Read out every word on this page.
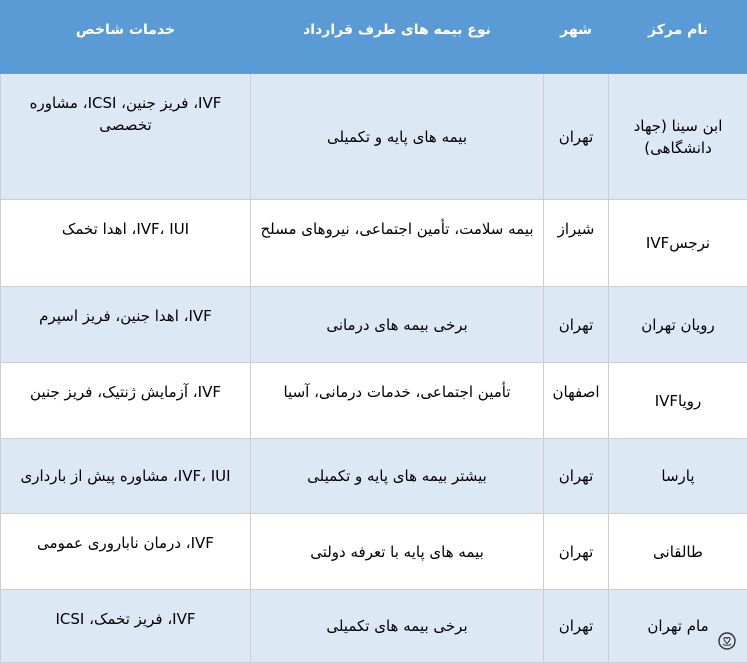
نام مرکز	شهر	نوع بیمه های طرف قرارداد	خدمات شاخص
ابن سینا (جهاد دانشگاهی)	تهران	بیمه های پایه و تکمیلی	IVF، فریز جنین، ICSI، مشاوره تخصصی
نرجسIVF	شیراز	بیمه سلامت، تأمین اجتماعی، نیروهای مسلح	IVF، IUI، اهدا تخمک
رویان تهران	تهران	برخی بیمه های درمانی	IVF، اهدا جنین، فریز اسپرم
رویاIVF	اصفهان	تأمین اجتماعی، خدمات درمانی، آسیا	IVF، آزمایش ژنتیک، فریز جنین
پارسا	تهران	بیشتر بیمه های پایه و تکمیلی	IVF، IUI، مشاوره پیش از بارداری
طالقانی	تهران	بیمه های پایه با تعرفه دولتی	IVF، درمان ناباروری عمومی
مام تهران	تهران	برخی بیمه های تکمیلی	IVF، فریز تخمک، ICSI
